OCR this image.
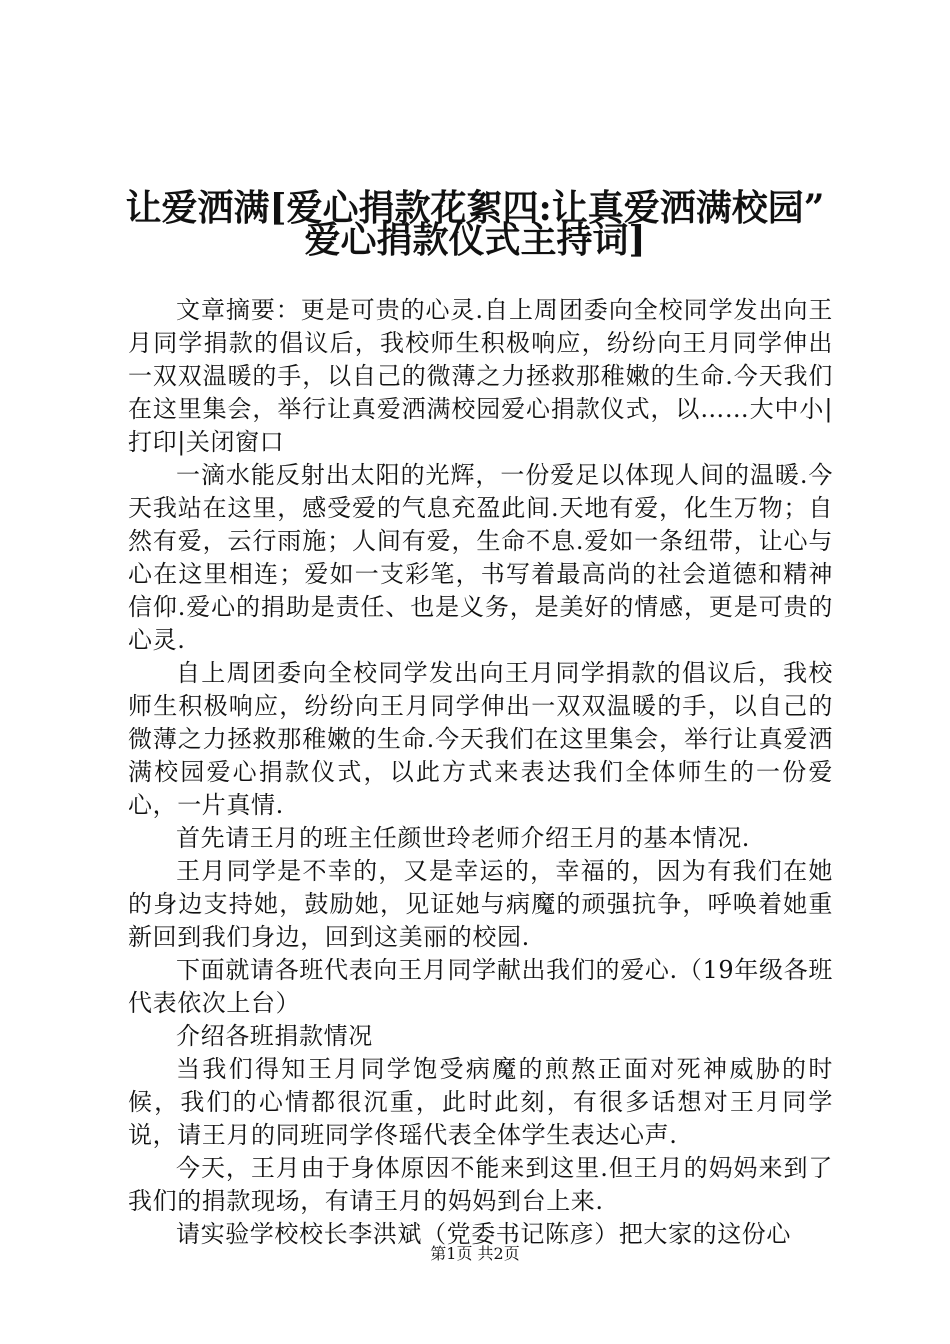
让爱洒满[爱心捐款花絮四:让真爱洒满校园”
爱心捐款仪式主持词]

文章摘要：更是可贵的心灵.自上周团委向全校同学发出向王月同学捐款的倡议后，我校师生积极响应，纷纷向王月同学伸出一双双温暖的手，以自己的微薄之力拯救那稚嫩的生命.今天我们在这里集会，举行让真爱洒满校园爱心捐款仪式，以……大中小|打印|关闭窗口

一滴水能反射出太阳的光辉，一份爱足以体现人间的温暖.今天我站在这里，感受爱的气息充盈此间.天地有爱，化生万物；自然有爱，云行雨施；人间有爱，生命不息.爱如一条纽带，让心与心在这里相连；爱如一支彩笔，书写着最高尚的社会道德和精神信仰.爱心的捐助是责任、也是义务，是美好的情感，更是可贵的心灵.

自上周团委向全校同学发出向王月同学捐款的倡议后，我校师生积极响应，纷纷向王月同学伸出一双双温暖的手，以自己的微薄之力拯救那稚嫩的生命.今天我们在这里集会，举行让真爱洒满校园爱心捐款仪式，以此方式来表达我们全体师生的一份爱心，一片真情.

首先请王月的班主任颜世玲老师介绍王月的基本情况.

王月同学是不幸的，又是幸运的，幸福的，因为有我们在她的身边支持她，鼓励她，见证她与病魔的顽强抗争，呼唤着她重新回到我们身边，回到这美丽的校园.

下面就请各班代表向王月同学献出我们的爱心.（19年级各班代表依次上台）

介绍各班捐款情况

当我们得知王月同学饱受病魔的煎熬正面对死神威胁的时候，我们的心情都很沉重，此时此刻，有很多话想对王月同学说，请王月的同班同学佟瑶代表全体学生表达心声.

今天，王月由于身体原因不能来到这里.但王月的妈妈来到了我们的捐款现场，有请王月的妈妈到台上来.

请实验学校校长李洪斌（党委书记陈彦）把大家的这份心

第1页 共2页
